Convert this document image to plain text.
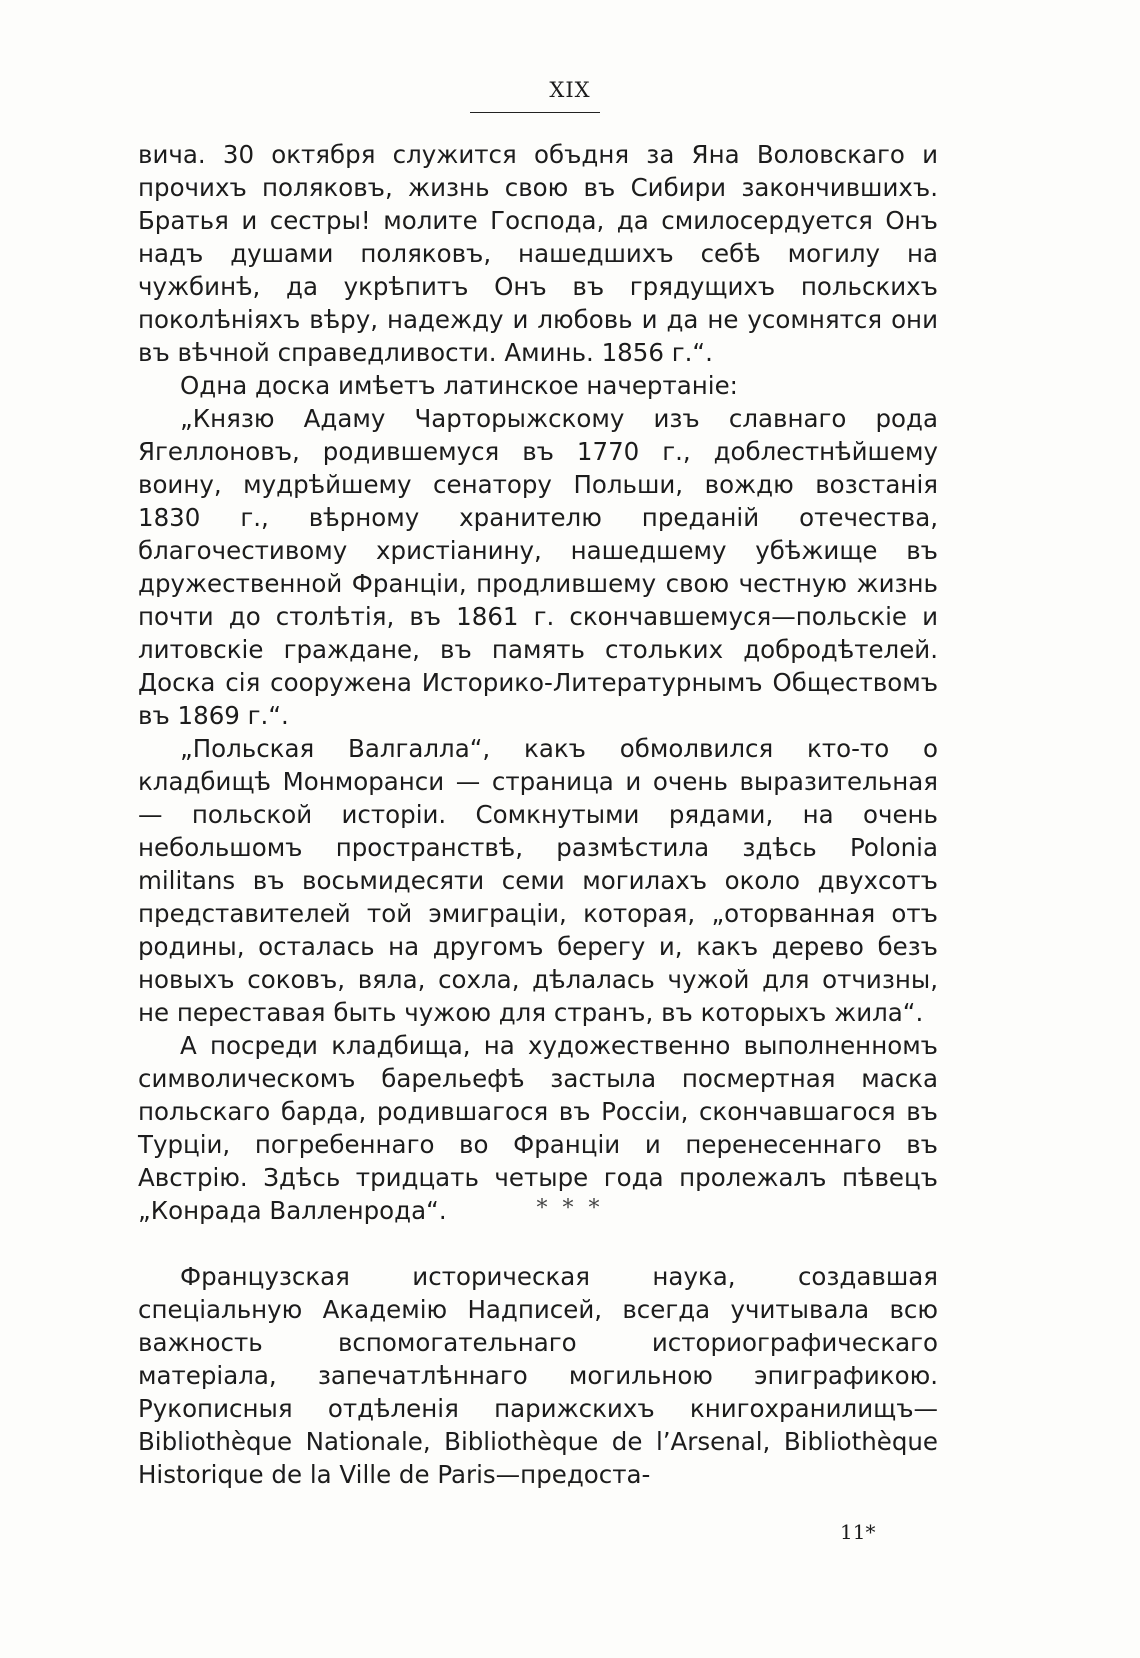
XIX

вича. 30 октября служится объдня за Яна Воловскаго и прочихъ поляковъ, жизнь свою въ Сибири закончившихъ. Братья и сестры! молите Господа, да смилосердуется Онъ надъ душами поляковъ, нашедшихъ себѣ могилу на чужбинѣ, да укрѣпитъ Онъ въ грядущихъ польскихъ поколѣніяхъ вѣру, надежду и любовь и да не усомнятся они въ вѣчной справедливости. Аминь. 1856 г.“.

Одна доска имѣетъ латинское начертаніе:

„Князю Адаму Чарторыжскому изъ славнаго рода Ягеллоновъ, родившемуся въ 1770 г., доблестнѣйшему воину, мудрѣйшему сенатору Польши, вождю возстанія 1830 г., вѣрному хранителю преданій отечества, благочестивому христіанину, нашедшему убѣжище въ дружественной Франціи, продлившему свою честную жизнь почти до столѣтія, въ 1861 г. скончавшемуся—польскіе и литовскіе граждане, въ память стольких добродѣтелей. Доска сія сооружена Историко-Литературнымъ Обществомъ въ 1869 г.“.

„Польская Валгалла“, какъ обмолвился кто-то о кладбищѣ Монморанси — страница и очень выразительная — польской исторіи. Сомкнутыми рядами, на очень небольшомъ пространствѣ, размѣстила здѣсь Polonia militans въ восьмидесяти семи могилахъ около двухсотъ представителей той эмиграціи, которая, „оторванная отъ родины, осталась на другомъ берегу и, какъ дерево безъ новыхъ соковъ, вяла, сохла, дѣлалась чужой для отчизны, не переставая быть чужою для странъ, въ которыхъ жила“.

А посреди кладбища, на художественно выполненномъ символическомъ барельефѣ застыла посмертная маска польскаго барда, родившагося въ Россіи, скончавшагося въ Турціи, погребеннаго во Франціи и перенесеннаго въ Австрію. Здѣсь тридцать четыре года пролежалъ пѣвецъ „Конрада Валленрода“.	* * *

Французская историческая наука, создавшая спеціальную Академію Надписей, всегда учитывала всю важность вспомогательнаго историографическаго матеріала, запечатлѣннаго могильною эпиграфикою. Рукописныя отдѣленія парижскихъ книгохранилищъ—Bibliothèque Nationale, Bibliothèque de l’Arsenal, Bibliothèque Historique de la Ville de Paris—предоста-

11*
